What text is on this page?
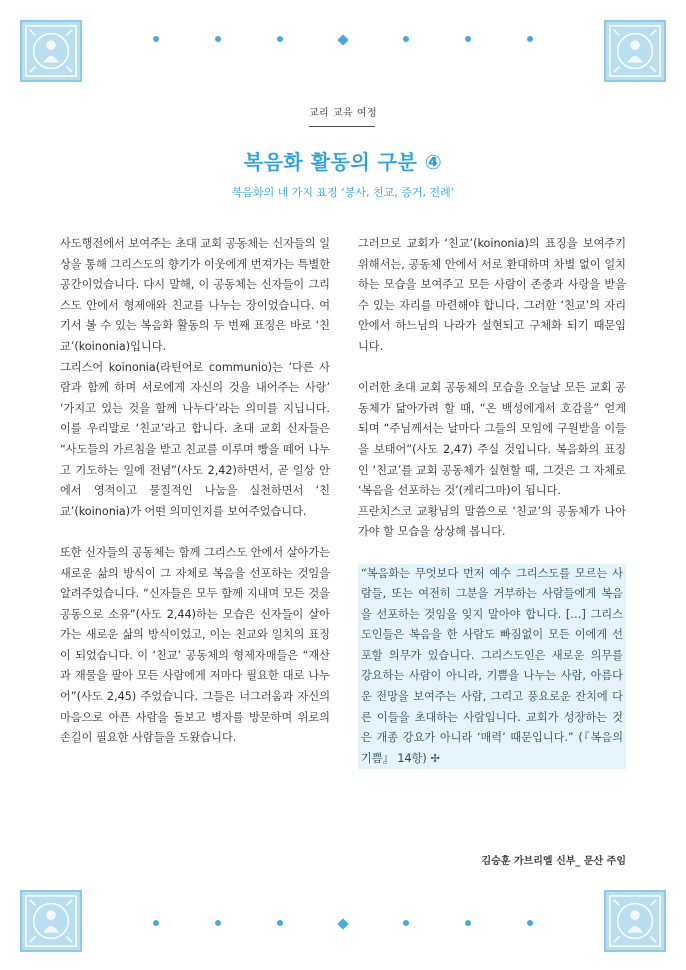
교리 교육 여정
복음화 활동의 구분 ④
복음화의 네 가지 표징 ‘봉사, 친교, 증거, 전례’

사도행전에서 보여주는 초대 교회 공동체는 신자들의 일상을 통해 그리스도의 향기가 이웃에게 번져가는 특별한 공간이었습니다. 다시 말해, 이 공동체는 신자들이 그리스도 안에서 형제애와 친교를 나누는 장이었습니다. 여기서 볼 수 있는 복음화 활동의 두 번째 표징은 바로 ‘친교’(koinonia)입니다.

그리스어 koinonia(라틴어로 communio)는 ‘다른 사람과 함께 하며 서로에게 자신의 것을 내어주는 사랑’ ‘가지고 있는 것을 함께 나누다’라는 의미를 지닙니다. 이를 우리말로 ‘친교’라고 합니다. 초대 교회 신자들은 “사도들의 가르침을 받고 친교를 이루며 빵을 떼어 나누고 기도하는 일에 전념”(사도 2,42)하면서, 곧 일상 안에서 영적이고 물질적인 나눔을 실천하면서 ‘친교’(koinonia)가 어떤 의미인지를 보여주었습니다.

또한 신자들의 공동체는 함께 그리스도 안에서 살아가는 새로운 삶의 방식이 그 자체로 복음을 선포하는 것임을 알려주었습니다. “신자들은 모두 함께 지내며 모든 것을 공동으로 소유”(사도 2,44)하는 모습은 신자들이 살아가는 새로운 삶의 방식이었고, 이는 친교와 일치의 표징이 되었습니다. 이 ‘친교’ 공동체의 형제자매들은 “재산과 재물을 팔아 모든 사람에게 저마다 필요한 대로 나누어”(사도 2,45) 주었습니다. 그들은 너그러움과 자신의 마음으로 아픈 사람을 돌보고 병자를 방문하며 위로의 손길이 필요한 사람들을 도왔습니다.

그러므로 교회가 ‘친교’(koinonia)의 표징을 보여주기 위해서는, 공동체 안에서 서로 환대하며 차별 없이 일치하는 모습을 보여주고 모든 사람이 존중과 사랑을 받을 수 있는 자리를 마련해야 합니다. 그러한 ‘친교’의 자리 안에서 하느님의 나라가 실현되고 구체화 되기 때문입니다.

이러한 초대 교회 공동체의 모습을 오늘날 모든 교회 공동체가 닮아가려 할 때, “온 백성에게서 호감을” 얻게 되며 “주님께서는 날마다 그들의 모임에 구원받을 이들을 보태어”(사도 2,47) 주실 것입니다. 복음화의 표징인 ‘친교’를 교회 공동체가 실현할 때, 그것은 그 자체로 ‘복음을 선포하는 것’(케리그마)이 됩니다.

프란치스코 교황님의 말씀으로 ‘친교’의 공동체가 나아가야 할 모습을 상상해 봅니다.

“복음화는 무엇보다 먼저 예수 그리스도를 모르는 사람들, 또는 여전히 그분을 거부하는 사람들에게 복음을 선포하는 것임을 잊지 말아야 합니다. […] 그리스도인들은 복음을 한 사람도 빠짐없이 모든 이에게 선포할 의무가 있습니다. 그리스도인은 새로운 의무를 강요하는 사람이 아니라, 기쁨을 나누는 사람, 아름다운 전망을 보여주는 사람, 그리고 풍요로운 잔치에 다른 이들을 초대하는 사람입니다. 교회가 성장하는 것은 개종 강요가 아니라 ‘매력’ 때문입니다.” (『복음의 기쁨』 14항) ✢

김승훈 가브리엘 신부_ 문산 주임
